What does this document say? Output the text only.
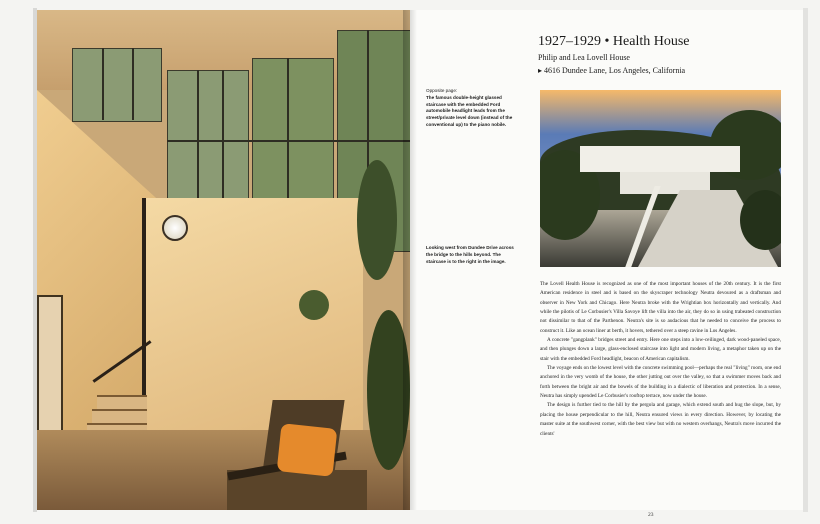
1927–1929 • Health House
Philip and Lea Lovell House
▸ 4616 Dundee Lane, Los Angeles, California
Opposite page:
The famous double-height glassed staircase with the embedded Ford automobile headlight leads from the street/private level down (instead of the conventional up) to the piano nobile.
Looking west from Dundee Drive across the bridge to the hills beyond. The staircase is to the right in the image.

The Lovell Health House is recognized as one of the most important houses of the 20th century. It is the first American residence in steel and is based on the skyscraper technology Neutra devoured as a draftsman and observer in New York and Chicago. Here Neutra broke with the Wrightian box horizontally and vertically. And while the pilotis of Le Corbusier's Villa Savoye lift the villa into the air, they do so in using trabeated construction not dissimilar to that of the Parthenon. Neutra's site is so audacious that he needed to conceive the process to construct it. Like an ocean liner at berth, it hovers, tethered over a steep ravine in Los Angeles.

A concrete "gangplank" bridges street and entry. Here one steps into a low-ceilinged, dark wood-paneled space, and then plunges down a large, glass-enclosed staircase into light and modern living, a metaphor taken up on the stair with the embedded Ford headlight, beacon of American capitalism.

The voyage ends on the lowest level with the concrete swimming pool—perhaps the real "living" room, one end anchored in the very womb of the house, the other jutting out over the valley, so that a swimmer moves back and forth between the bright air and the bowels of the building in a dialectic of liberation and protection. In a sense, Neutra has simply upended Le Corbusier's rooftop terrace, now under the house.

The design is further tied to the hill by the pergola and garage, which extend south and hug the slope, but, by placing the house perpendicular to the hill, Neutra ensured views in every direction. However, by locating the master suite at the southwest corner, with the best view but with no western overhangs, Neutra's move incurred the clients'

23
